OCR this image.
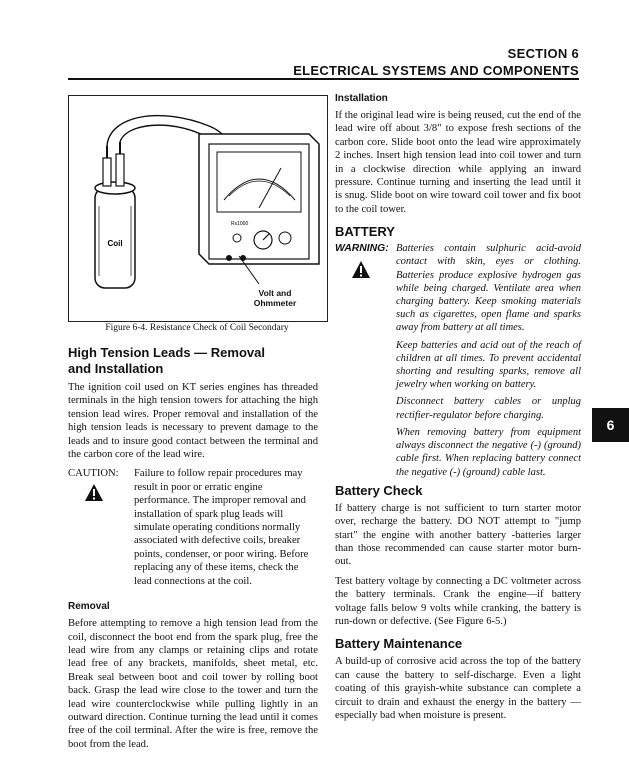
SECTION 6
ELECTRICAL SYSTEMS AND COMPONENTS
Rx1000
Coil
Volt and Ohmmeter
Figure 6-4. Resistance Check of Coil Secondary
High Tension Leads — Removal and Installation

The ignition coil used on KT series engines has threaded terminals in the high tension towers for attaching the high tension lead wires. Proper removal and installation of the high tension leads is necessary to prevent damage to the leads and to insure good contact between the terminal and the carbon core of the lead wire.

CAUTION: Failure to follow repair procedures may result in poor or erratic engine performance. The improper removal and installation of spark plug leads will simulate operating conditions normally associated with defective coils, breaker points, condenser, or poor wiring. Before replacing any of these items, check the lead connections at the coil.
Removal

Before attempting to remove a high tension lead from the coil, disconnect the boot end from the spark plug, free the lead wire from any clamps or retaining clips and rotate lead free of any brackets, manifolds, sheet metal, etc. Break seal between boot and coil tower by rolling boot back. Grasp the lead wire close to the tower and turn the lead wire counterclockwise while pulling lightly in an outward direction. Continue turning the lead until it comes free of the coil terminal. After the wire is free, remove the boot from the lead.

Installation

If the original lead wire is being reused, cut the end of the lead wire off about 3/8" to expose fresh sections of the carbon core. Slide boot onto the lead wire approximately 2 inches. Insert high tension lead into coil tower and turn in a clockwise direction while applying an inward pressure. Continue turning and inserting the lead until it is snug. Slide boot on wire toward coil tower and fix boot to the coil tower.

BATTERY
WARNING: Batteries contain sulphuric acid-avoid contact with skin, eyes or clothing. Batteries produce explosive hydrogen gas while being charged. Ventilate area when charging battery. Keep smoking materials such as cigarettes, open flame and sparks away from battery at all times.

Keep batteries and acid out of the reach of children at all times. To prevent accidental shorting and resulting sparks, remove all jewelry when working on battery.

Disconnect battery cables or unplug rectifier-regulator before charging.

When removing battery from equipment always disconnect the negative (-) (ground) cable first. When replacing battery connect the negative (-) (ground) cable last.

Battery Check

If battery charge is not sufficient to turn starter motor over, recharge the battery. DO NOT attempt to "jump start" the engine with another battery -batteries larger than those recommended can cause starter motor burn-out.

Test battery voltage by connecting a DC voltmeter across the battery terminals. Crank the engine—if battery voltage falls below 9 volts while cranking, the battery is run-down or defective. (See Figure 6-5.)

Battery Maintenance

A build-up of corrosive acid across the top of the battery can cause the battery to self-discharge. Even a light coating of this grayish-white substance can complete a circuit to drain and exhaust the energy in the battery — especially bad when moisture is present.

6
